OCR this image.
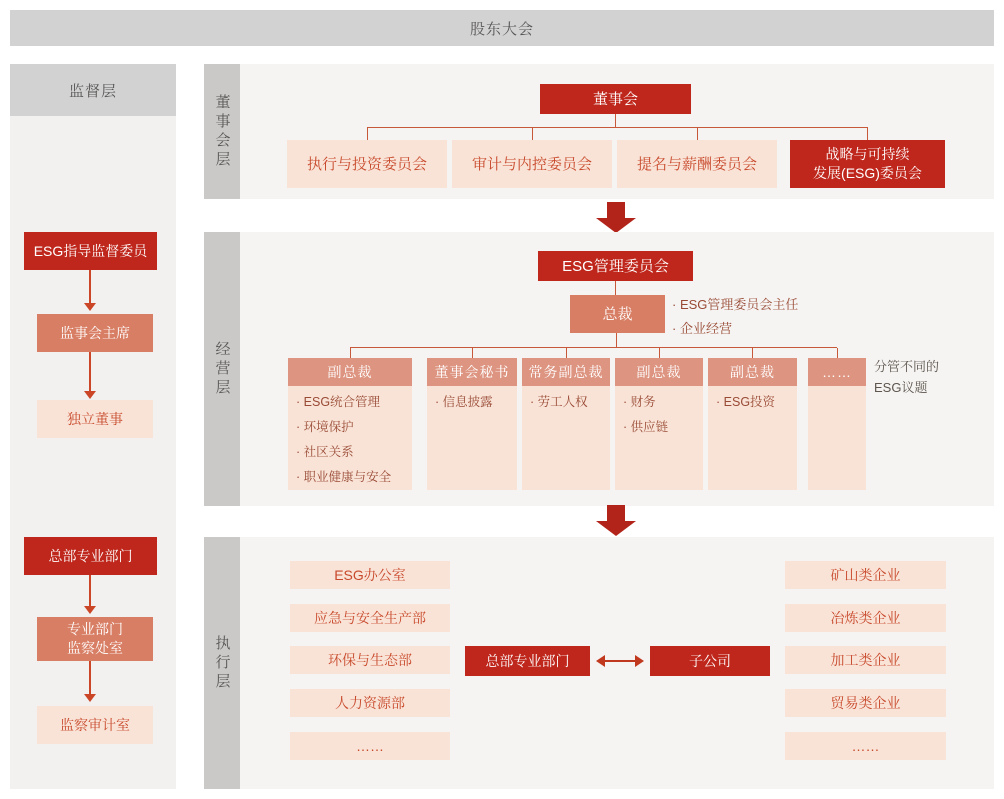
股东大会
监督层
ESG指导监督委员
监事会主席
独立董事
总部专业部门
专业部门
监察处室
监察审计室
董事会层	董事会
执行与投资委员会	审计与内控委员会	提名与薪酬委员会
战略与可持续
发展(ESG)委员会
经营层
ESG管理委员会
总裁
· ESG管理委员会主任
· 企业经营
副总裁
· ESG统合管理
· 环境保护
· 社区关系
· 职业健康与安全
董事会秘书
· 信息披露
常务副总裁
· 劳工人权
副总裁
· 财务
· 供应链
副总裁
· ESG投资
……	分管不同的
ESG议题
执行层
ESG办公室
应急与安全生产部
环保与生态部
人力资源部
……
总部专业部门	子公司
矿山类企业
冶炼类企业
加工类企业
贸易类企业
……
